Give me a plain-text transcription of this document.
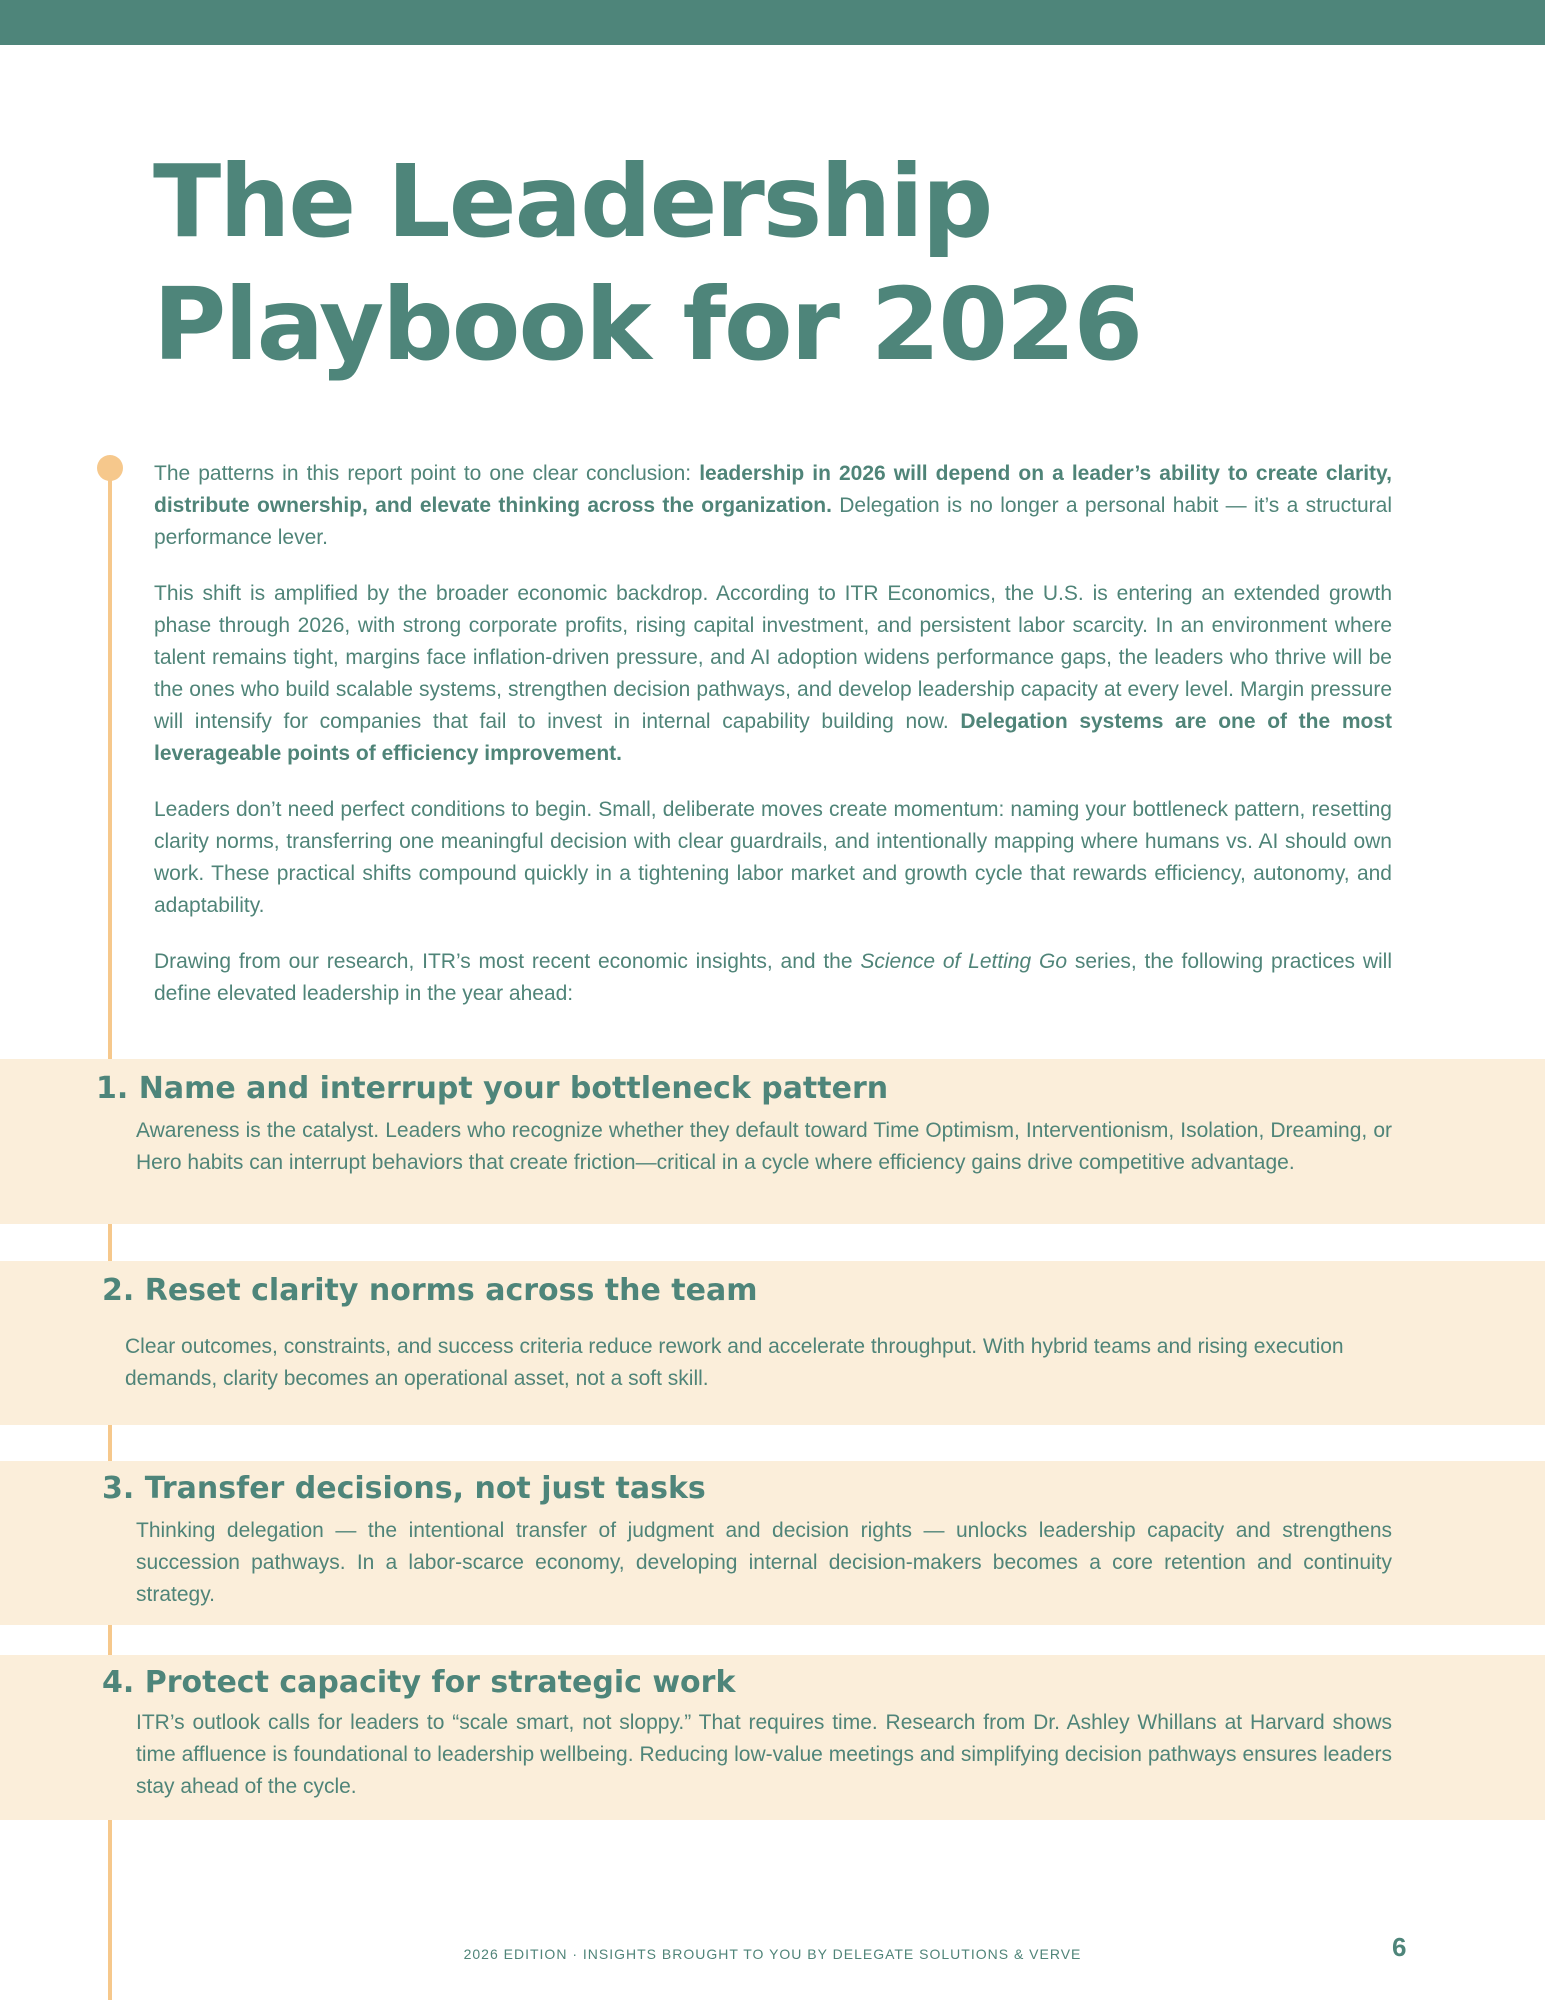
The Leadership
Playbook for 2026

The patterns in this report point to one clear conclusion: leadership in 2026 will depend on a leader’s ability to create clarity, distribute ownership, and elevate thinking across the organization. Delegation is no longer a personal habit — it’s a structural performance lever.

This shift is amplified by the broader economic backdrop. According to ITR Economics, the U.S. is entering an extended growth phase through 2026, with strong corporate profits, rising capital investment, and persistent labor scarcity. In an environment where talent remains tight, margins face inflation-driven pressure, and AI adoption widens performance gaps, the leaders who thrive will be the ones who build scalable systems, strengthen decision pathways, and develop leadership capacity at every level. Margin pressure will intensify for companies that fail to invest in internal capability building now. Delegation systems are one of the most leverageable points of efficiency improvement.

Leaders don’t need perfect conditions to begin. Small, deliberate moves create momentum: naming your bottleneck pattern, resetting clarity norms, transferring one meaningful decision with clear guardrails, and intentionally mapping where humans vs. AI should own work. These practical shifts compound quickly in a tightening labor market and growth cycle that rewards efficiency, autonomy, and adaptability.

Drawing from our research, ITR’s most recent economic insights, and the Science of Letting Go series, the following practices will define elevated leadership in the year ahead:

1. Name and interrupt your bottleneck pattern

Awareness is the catalyst. Leaders who recognize whether they default toward Time Optimism, Interventionism, Isolation, Dreaming, or Hero habits can interrupt behaviors that create friction—critical in a cycle where efficiency gains drive competitive advantage.

2. Reset clarity norms across the team

Clear outcomes, constraints, and success criteria reduce rework and accelerate throughput. With hybrid teams and rising execution demands, clarity becomes an operational asset, not a soft skill.

3. Transfer decisions, not just tasks

Thinking delegation — the intentional transfer of judgment and decision rights — unlocks leadership capacity and strengthens succession pathways. In a labor-scarce economy, developing internal decision-makers becomes a core retention and continuity strategy.

4. Protect capacity for strategic work

ITR’s outlook calls for leaders to “scale smart, not sloppy.” That requires time. Research from Dr. Ashley Whillans at Harvard shows time affluence is foundational to leadership wellbeing. Reducing low-value meetings and simplifying decision pathways ensures leaders stay ahead of the cycle.

2026 EDITION · INSIGHTS BROUGHT TO YOU BY DELEGATE SOLUTIONS & VERVE	6
